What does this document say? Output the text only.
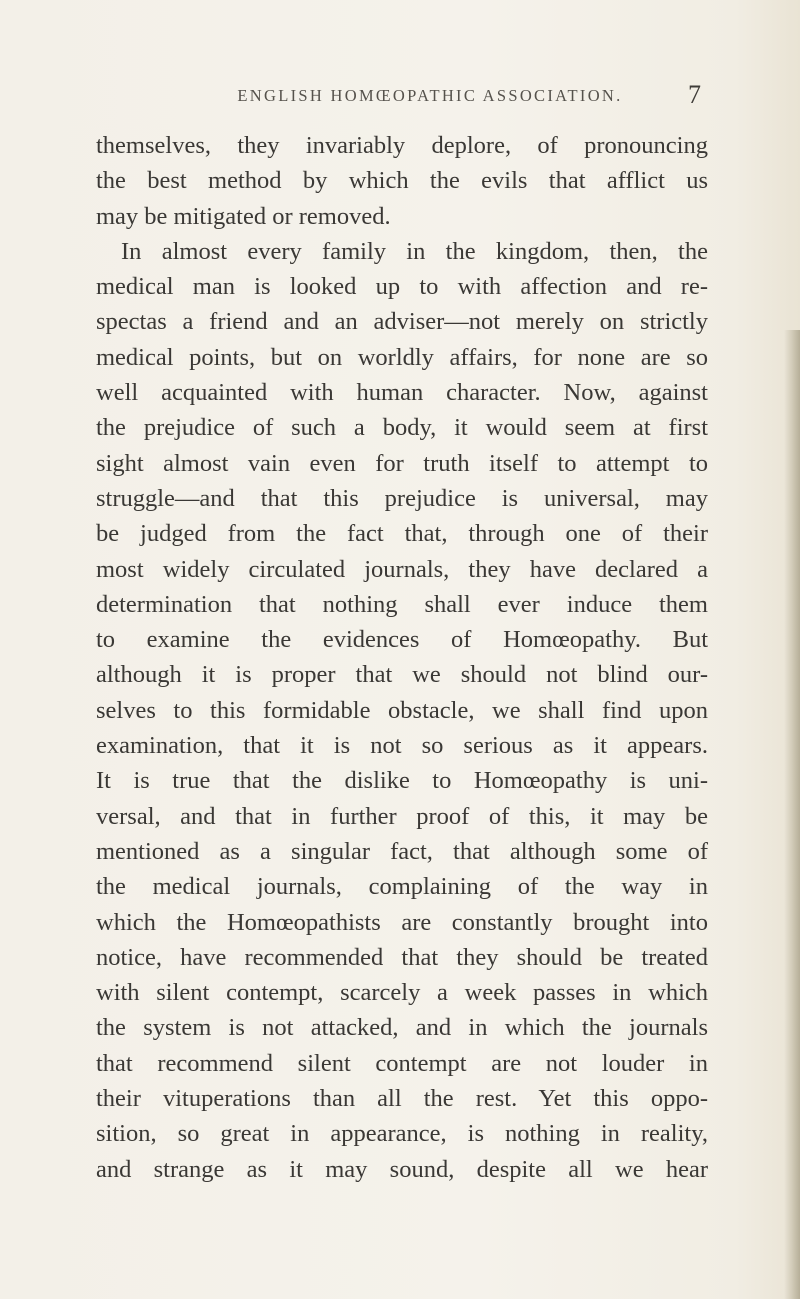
ENGLISH HOMŒOPATHIC ASSOCIATION.	7
themselves, they invariably deplore, of pronouncing
the best method by which the evils that afflict us
may be mitigated or removed.
In almost every family in the kingdom, then, the
medical man is looked up to with affection and re-
spectas a friend and an adviser—not merely on strictly
medical points, but on worldly affairs, for none are so
well acquainted with human character. Now, against
the prejudice of such a body, it would seem at first
sight almost vain even for truth itself to attempt to
struggle—and that this prejudice is universal, may
be judged from the fact that, through one of their
most widely circulated journals, they have declared a
determination that nothing shall ever induce them
to examine the evidences of Homœopathy. But
although it is proper that we should not blind our-
selves to this formidable obstacle, we shall find upon
examination, that it is not so serious as it appears.
It is true that the dislike to Homœopathy is uni-
versal, and that in further proof of this, it may be
mentioned as a singular fact, that although some of
the medical journals, complaining of the way in
which the Homœopathists are constantly brought into
notice, have recommended that they should be treated
with silent contempt, scarcely a week passes in which
the system is not attacked, and in which the journals
that recommend silent contempt are not louder in
their vituperations than all the rest. Yet this oppo-
sition, so great in appearance, is nothing in reality,
and strange as it may sound, despite all we hear
